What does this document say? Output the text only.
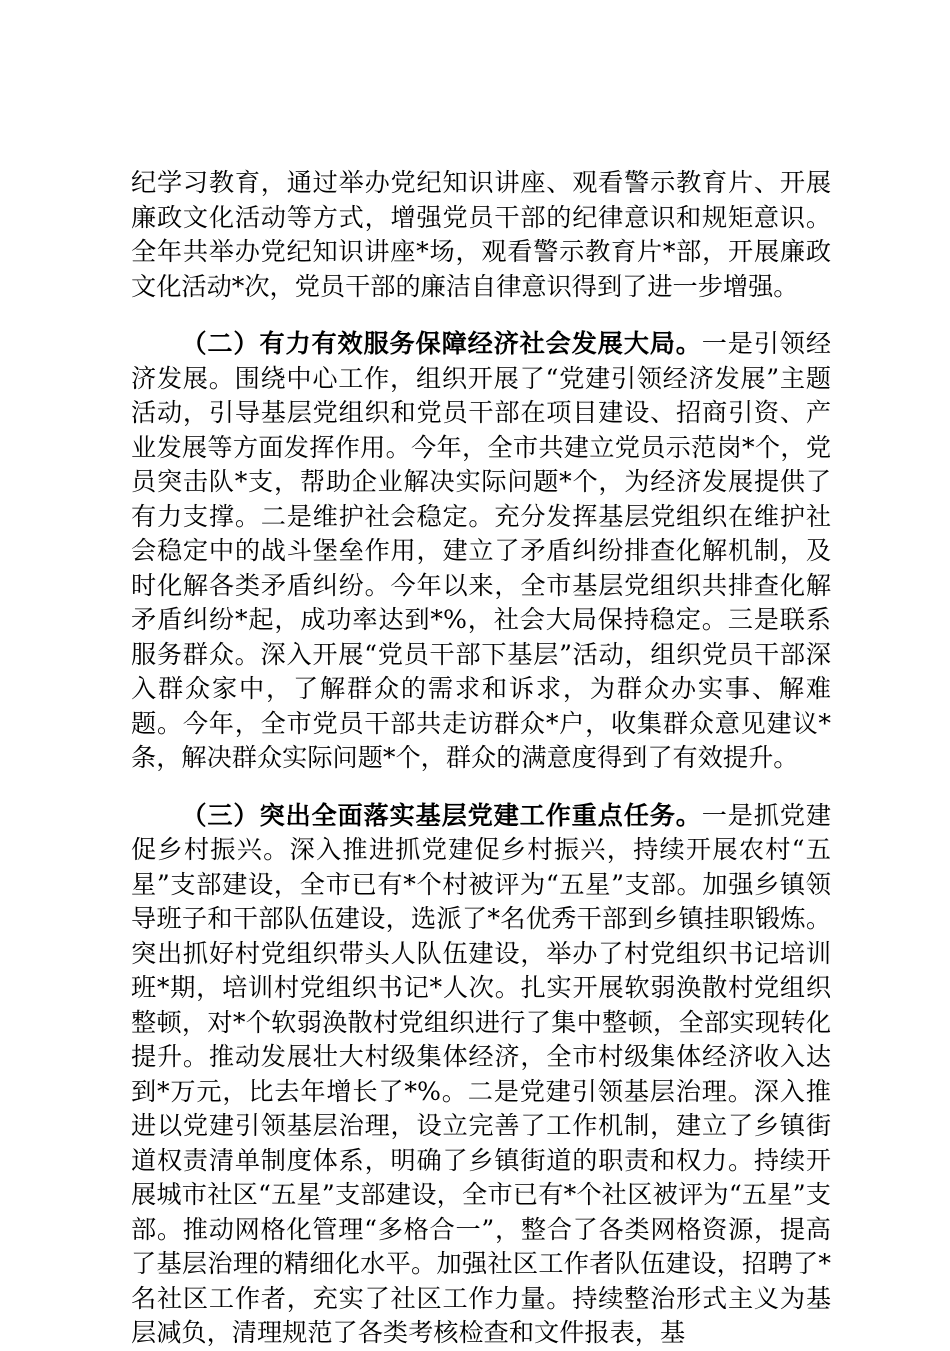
纪学习教育，通过举办党纪知识讲座、观看警示教育片、开展廉政文化活动等方式，增强党员干部的纪律意识和规矩意识。全年共举办党纪知识讲座*场，观看警示教育片*部，开展廉政文化活动*次，党员干部的廉洁自律意识得到了进一步增强。

（二）有力有效服务保障经济社会发展大局。一是引领经济发展。围绕中心工作，组织开展了“党建引领经济发展”主题活动，引导基层党组织和党员干部在项目建设、招商引资、产业发展等方面发挥作用。今年，全市共建立党员示范岗*个，党员突击队*支，帮助企业解决实际问题*个，为经济发展提供了有力支撑。二是维护社会稳定。充分发挥基层党组织在维护社会稳定中的战斗堡垒作用，建立了矛盾纠纷排查化解机制，及时化解各类矛盾纠纷。今年以来，全市基层党组织共排查化解矛盾纠纷*起，成功率达到*%，社会大局保持稳定。三是联系服务群众。深入开展“党员干部下基层”活动，组织党员干部深入群众家中，了解群众的需求和诉求，为群众办实事、解难题。今年，全市党员干部共走访群众*户，收集群众意见建议*条，解决群众实际问题*个，群众的满意度得到了有效提升。

（三）突出全面落实基层党建工作重点任务。一是抓党建促乡村振兴。深入推进抓党建促乡村振兴，持续开展农村“五星”支部建设，全市已有*个村被评为“五星”支部。加强乡镇领导班子和干部队伍建设，选派了*名优秀干部到乡镇挂职锻炼。突出抓好村党组织带头人队伍建设，举办了村党组织书记培训班*期，培训村党组织书记*人次。扎实开展软弱涣散村党组织整顿，对*个软弱涣散村党组织进行了集中整顿，全部实现转化提升。推动发展壮大村级集体经济，全市村级集体经济收入达到*万元，比去年增长了*%。二是党建引领基层治理。深入推进以党建引领基层治理，设立完善了工作机制，建立了乡镇街道权责清单制度体系，明确了乡镇街道的职责和权力。持续开展城市社区“五星”支部建设，全市已有*个社区被评为“五星”支部。推动网格化管理“多格合一”，整合了各类网格资源，提高了基层治理的精细化水平。加强社区工作者队伍建设，招聘了*名社区工作者，充实了社区工作力量。持续整治形式主义为基层减负，清理规范了各类考核检查和文件报表，基
